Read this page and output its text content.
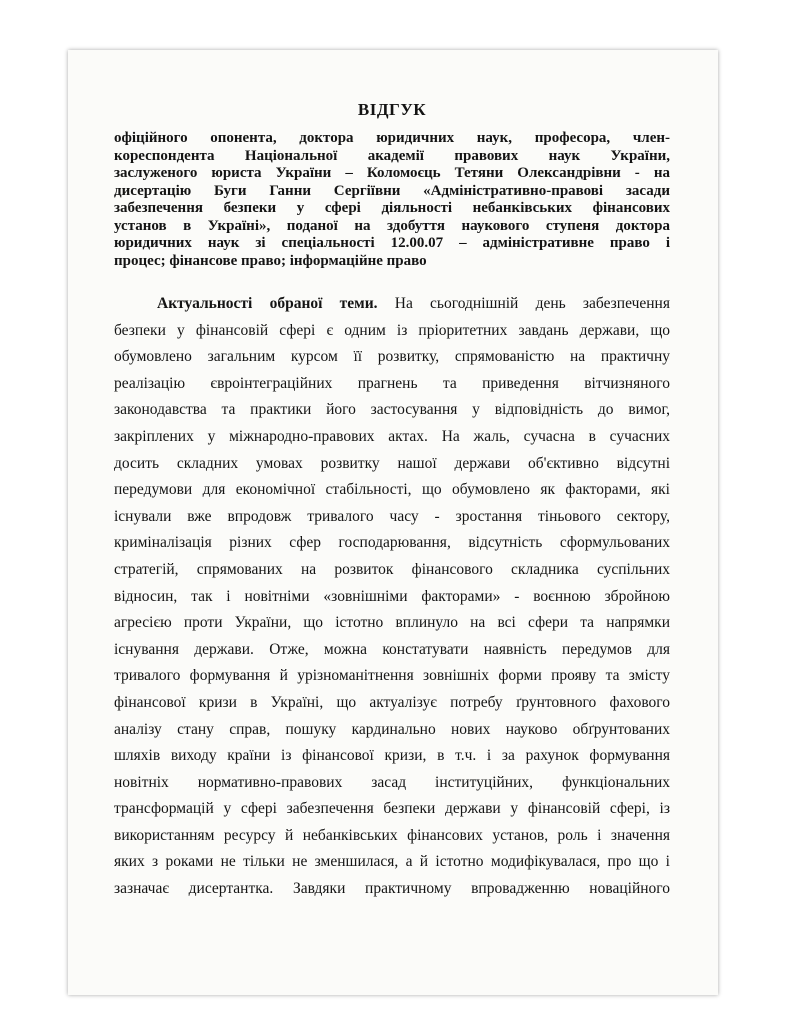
ВІДГУК
офіційного опонента, доктора юридичних наук, професора, член-
кореспондента Національної академії правових наук України,
заслуженого юриста України – Коломоєць Тетяни Олександрівни - на
дисертацію Буги Ганни Сергіївни «Адміністративно-правові засади
забезпечення безпеки у сфері діяльності небанківських фінансових
установ в Україні», поданої на здобуття наукового ступеня доктора
юридичних наук зі спеціальності 12.00.07 – адміністративне право і
процес; фінансове право; інформаційне право
Актуальності обраної теми. На сьогоднішній день забезпечення
безпеки у фінансовій сфері є одним із пріоритетних завдань держави, що
обумовлено загальним курсом її розвитку, спрямованістю на практичну
реалізацію євроінтеграційних прагнень та приведення вітчизняного
законодавства та практики його застосування у відповідність до вимог,
закріплених у міжнародно-правових актах. На жаль, сучасна в сучасних
досить складних умовах розвитку нашої держави об'єктивно відсутні
передумови для економічної стабільності, що обумовлено як факторами, які
існували вже впродовж тривалого часу - зростання тіньового сектору,
криміналізація різних сфер господарювання, відсутність сформульованих
стратегій, спрямованих на розвиток фінансового складника суспільних
відносин, так і новітніми «зовнішніми факторами» - воєнною збройною
агресією проти України, що істотно вплинуло на всі сфери та напрямки
існування держави. Отже, можна констатувати наявність передумов для
тривалого формування й урізноманітнення зовнішніх форми прояву та змісту
фінансової кризи в Україні, що актуалізує потребу ґрунтовного фахового
аналізу стану справ, пошуку кардинально нових науково обґрунтованих
шляхів виходу країни із фінансової кризи, в т.ч. і за рахунок формування
новітніх нормативно-правових засад інституційних, функціональних
трансформацій у сфері забезпечення безпеки держави у фінансовій сфері, із
використанням ресурсу й небанківських фінансових установ, роль і значення
яких з роками не тільки не зменшилася, а й істотно модифікувалася, про що і
зазначає дисертантка. Завдяки практичному впровадженню новаційного
